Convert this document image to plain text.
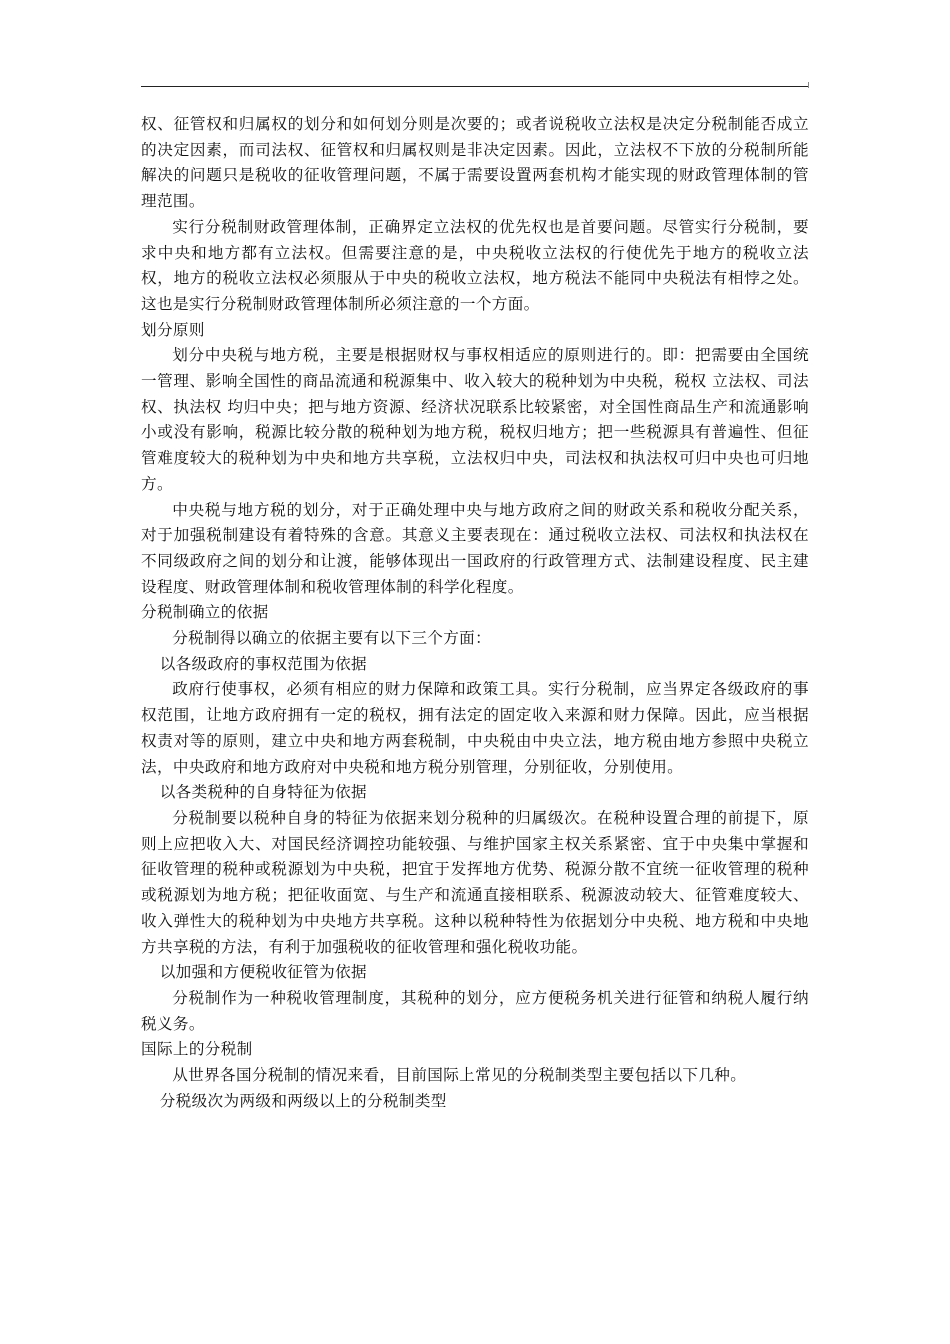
权、征管权和归属权的划分和如何划分则是次要的；或者说税收立法权是决定分税制能否成立的决定因素，而司法权、征管权和归属权则是非决定因素。因此，立法权不下放的分税制所能解决的问题只是税收的征收管理问题，不属于需要设置两套机构才能实现的财政管理体制的管理范围。

实行分税制财政管理体制，正确界定立法权的优先权也是首要问题。尽管实行分税制，要求中央和地方都有立法权。但需要注意的是，中央税收立法权的行使优先于地方的税收立法权，地方的税收立法权必须服从于中央的税收立法权，地方税法不能同中央税法有相悖之处。这也是实行分税制财政管理体制所必须注意的一个方面。

划分原则

划分中央税与地方税，主要是根据财权与事权相适应的原则进行的。即：把需要由全国统一管理、影响全国性的商品流通和税源集中、收入较大的税种划为中央税，税权 立法权、司法权、执法权 均归中央；把与地方资源、经济状况联系比较紧密，对全国性商品生产和流通影响小或没有影响，税源比较分散的税种划为地方税，税权归地方；把一些税源具有普遍性、但征管难度较大的税种划为中央和地方共享税，立法权归中央，司法权和执法权可归中央也可归地方。

中央税与地方税的划分，对于正确处理中央与地方政府之间的财政关系和税收分配关系，对于加强税制建设有着特殊的含意。其意义主要表现在：通过税收立法权、司法权和执法权在不同级政府之间的划分和让渡，能够体现出一国政府的行政管理方式、法制建设程度、民主建设程度、财政管理体制和税收管理体制的科学化程度。

分税制确立的依据

分税制得以确立的依据主要有以下三个方面：

以各级政府的事权范围为依据

政府行使事权，必须有相应的财力保障和政策工具。实行分税制，应当界定各级政府的事权范围，让地方政府拥有一定的税权，拥有法定的固定收入来源和财力保障。因此，应当根据权责对等的原则，建立中央和地方两套税制，中央税由中央立法，地方税由地方参照中央税立法，中央政府和地方政府对中央税和地方税分别管理，分别征收，分别使用。

以各类税种的自身特征为依据

分税制要以税种自身的特征为依据来划分税种的归属级次。在税种设置合理的前提下，原则上应把收入大、对国民经济调控功能较强、与维护国家主权关系紧密、宜于中央集中掌握和征收管理的税种或税源划为中央税，把宜于发挥地方优势、税源分散不宜统一征收管理的税种或税源划为地方税；把征收面宽、与生产和流通直接相联系、税源波动较大、征管难度较大、收入弹性大的税种划为中央地方共享税。这种以税种特性为依据划分中央税、地方税和中央地方共享税的方法，有利于加强税收的征收管理和强化税收功能。

以加强和方便税收征管为依据

分税制作为一种税收管理制度，其税种的划分，应方便税务机关进行征管和纳税人履行纳税义务。

国际上的分税制

从世界各国分税制的情况来看，目前国际上常见的分税制类型主要包括以下几种。

分税级次为两级和两级以上的分税制类型
